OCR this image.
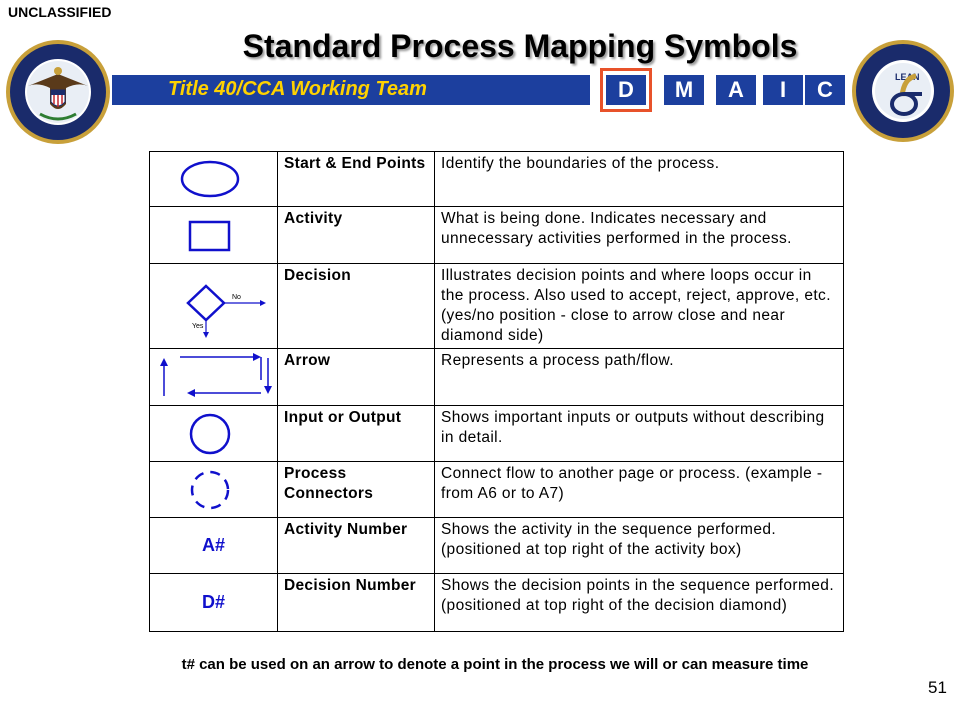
UNCLASSIFIED
LEAN
Standard Process Mapping Symbols
Title 40/CCA Working Team	D	M	A	I	C
	Start & End Points	Identify the boundaries of the process.

	Activity	What is being done. Indicates necessary and unnecessary activities performed in the process.

No
Yes	Decision	Illustrates decision points and where loops occur in the process. Also used to accept, reject, approve, etc. (yes/no position - close to arrow close and near diamond side)

	Arrow	Represents a process path/flow.

	Input or Output	Shows important inputs or outputs without describing in detail.

	Process Connectors	Connect flow to another page or process. (example - from A6 or to A7)
A#	Activity Number	Shows the activity in the sequence performed. (positioned at top right of the activity box)
D#	Decision Number	Shows the decision points in the sequence performed. (positioned at top right of the decision diamond)
t# can be used on an arrow to denote a point in the process we will or can measure time
51
